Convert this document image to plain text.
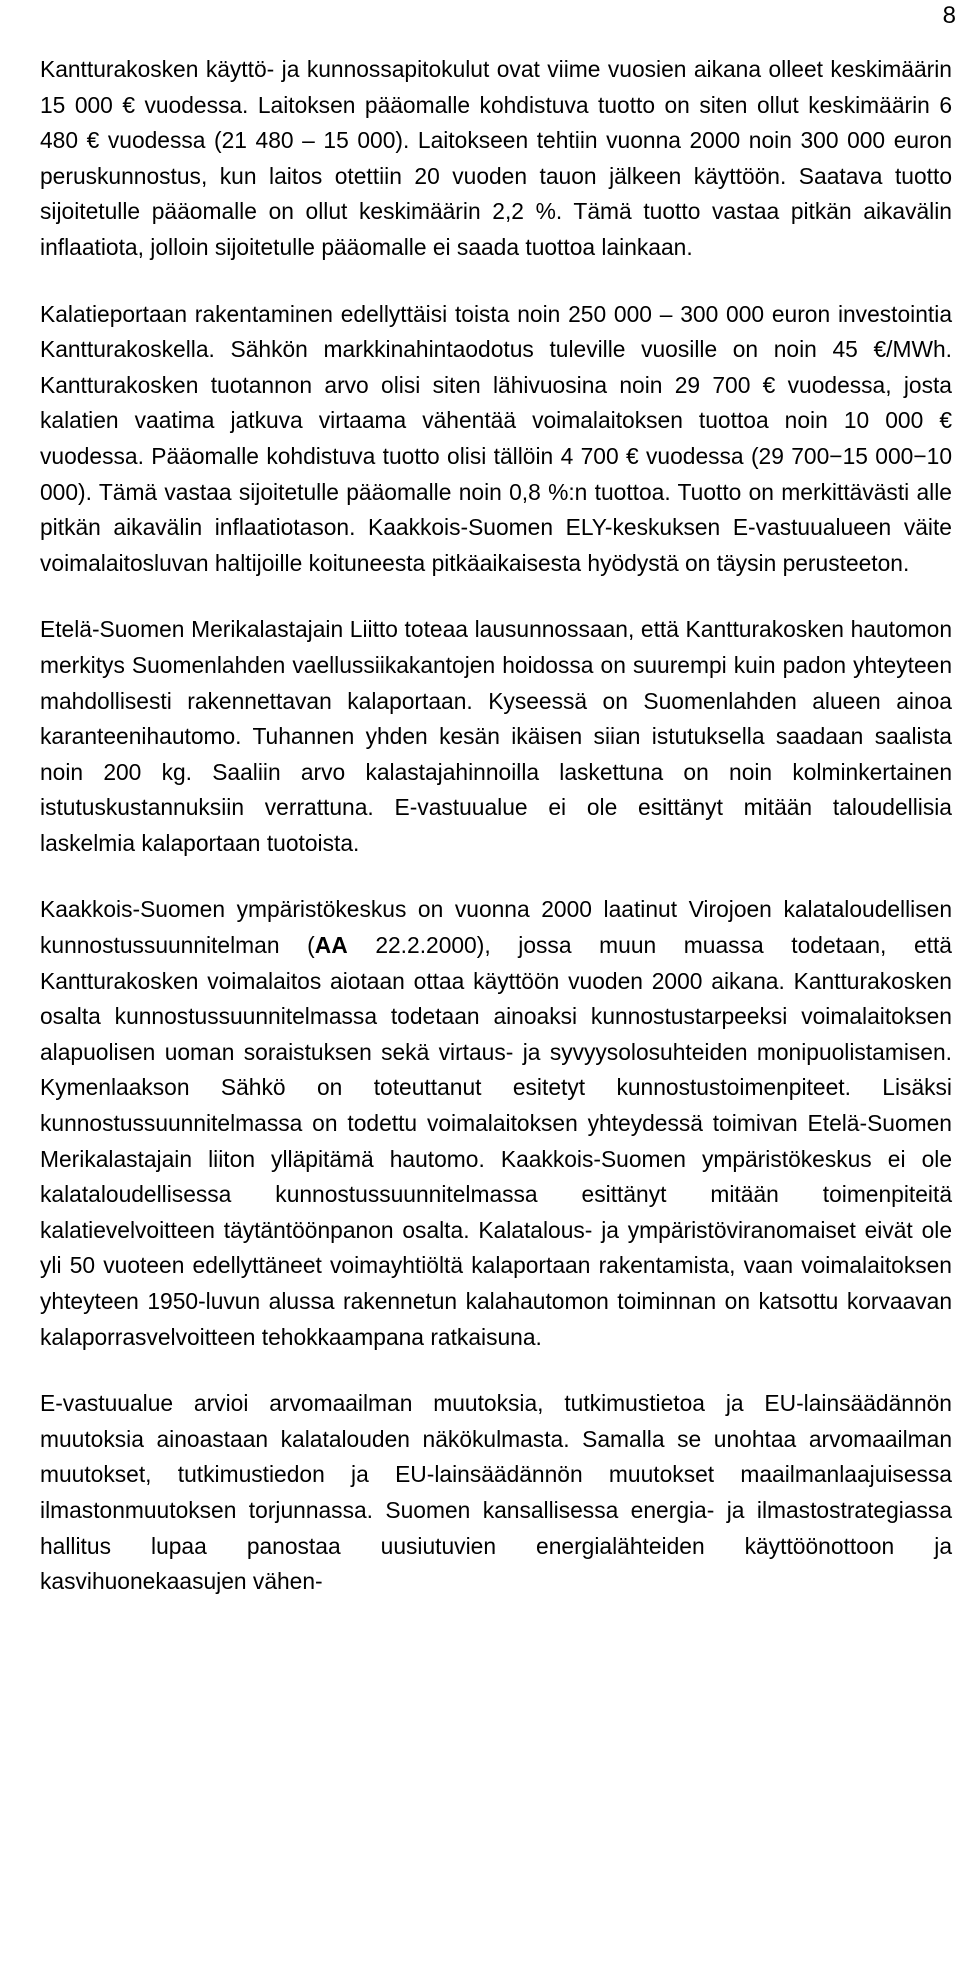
8

Kantturakosken käyttö- ja kunnossapitokulut ovat viime vuosien aikana olleet keskimäärin 15 000 € vuodessa. Laitoksen pääomalle kohdistuva tuotto on siten ollut keskimäärin 6 480 € vuodessa (21 480 – 15 000). Laitokseen tehtiin vuonna 2000 noin 300 000 euron peruskunnostus, kun laitos otettiin 20 vuoden tauon jälkeen käyttöön. Saatava tuotto sijoitetulle pääomalle on ollut keskimäärin 2,2 %. Tämä tuotto vastaa pitkän aikavälin inflaatiota, jolloin sijoitetulle pääomalle ei saada tuottoa lainkaan.

Kalatieportaan rakentaminen edellyttäisi toista noin 250 000 – 300 000 euron investointia Kantturakoskella. Sähkön markkinahintaodotus tuleville vuosille on noin 45 €/MWh. Kantturakosken tuotannon arvo olisi siten lähivuosina noin 29 700 € vuodessa, josta kalatien vaatima jatkuva virtaama vähentää voimalaitoksen tuottoa noin 10 000 € vuodessa. Pääomalle kohdistuva tuotto olisi tällöin 4 700 € vuodessa (29 700−15 000−10 000). Tämä vastaa sijoitetulle pääomalle noin 0,8 %:n tuottoa. Tuotto on merkittävästi alle pitkän aikavälin inflaatiotason. Kaakkois-Suomen ELY-keskuksen E-vastuualueen väite voimalaitosluvan haltijoille koituneesta pitkäaikaisesta hyödystä on täysin perusteeton.

Etelä-Suomen Merikalastajain Liitto toteaa lausunnossaan, että Kantturakosken hautomon merkitys Suomenlahden vaellussiikakantojen hoidossa on suurempi kuin padon yhteyteen mahdollisesti rakennettavan kalaportaan. Kyseessä on Suomenlahden alueen ainoa karanteenihautomo. Tuhannen yhden kesän ikäisen siian istutuksella saadaan saalista noin 200 kg. Saaliin arvo kalastajahinnoilla laskettuna on noin kolminkertainen istutuskustannuksiin verrattuna. E-vastuualue ei ole esittänyt mitään taloudellisia laskelmia kalaportaan tuotoista.

Kaakkois-Suomen ympäristökeskus on vuonna 2000 laatinut Virojoen kalataloudellisen kunnostussuunnitelman (AA 22.2.2000), jossa muun muassa todetaan, että Kantturakosken voimalaitos aiotaan ottaa käyttöön vuoden 2000 aikana. Kantturakosken osalta kunnostussuunnitelmassa todetaan ainoaksi kunnostustarpeeksi voimalaitoksen alapuolisen uoman soraistuksen sekä virtaus- ja syvyysolosuhteiden monipuolistamisen. Kymenlaakson Sähkö on toteuttanut esitetyt kunnostustoimenpiteet. Lisäksi kunnostussuunnitelmassa on todettu voimalaitoksen yhteydessä toimivan Etelä-Suomen Merikalastajain liiton ylläpitämä hautomo. Kaakkois-Suomen ympäristökeskus ei ole kalataloudellisessa kunnostussuunnitelmassa esittänyt mitään toimenpiteitä kalatievelvoitteen täytäntöönpanon osalta. Kalatalous- ja ympäristöviranomaiset eivät ole yli 50 vuoteen edellyttäneet voimayhtiöltä kalaportaan rakentamista, vaan voimalaitoksen yhteyteen 1950-luvun alussa rakennetun kalahautomon toiminnan on katsottu korvaavan kalaporrasvelvoitteen tehokkaampana ratkaisuna.

E-vastuualue arvioi arvomaailman muutoksia, tutkimustietoa ja EU-lainsäädännön muutoksia ainoastaan kalatalouden näkökulmasta. Samalla se unohtaa arvomaailman muutokset, tutkimustiedon ja EU-lainsäädännön muutokset maailmanlaajuisessa ilmastonmuutoksen torjunnassa. Suomen kansallisessa energia- ja ilmastostrategiassa hallitus lupaa panostaa uusiutuvien energialähteiden käyttöönottoon ja kasvihuonekaasujen vähen-
